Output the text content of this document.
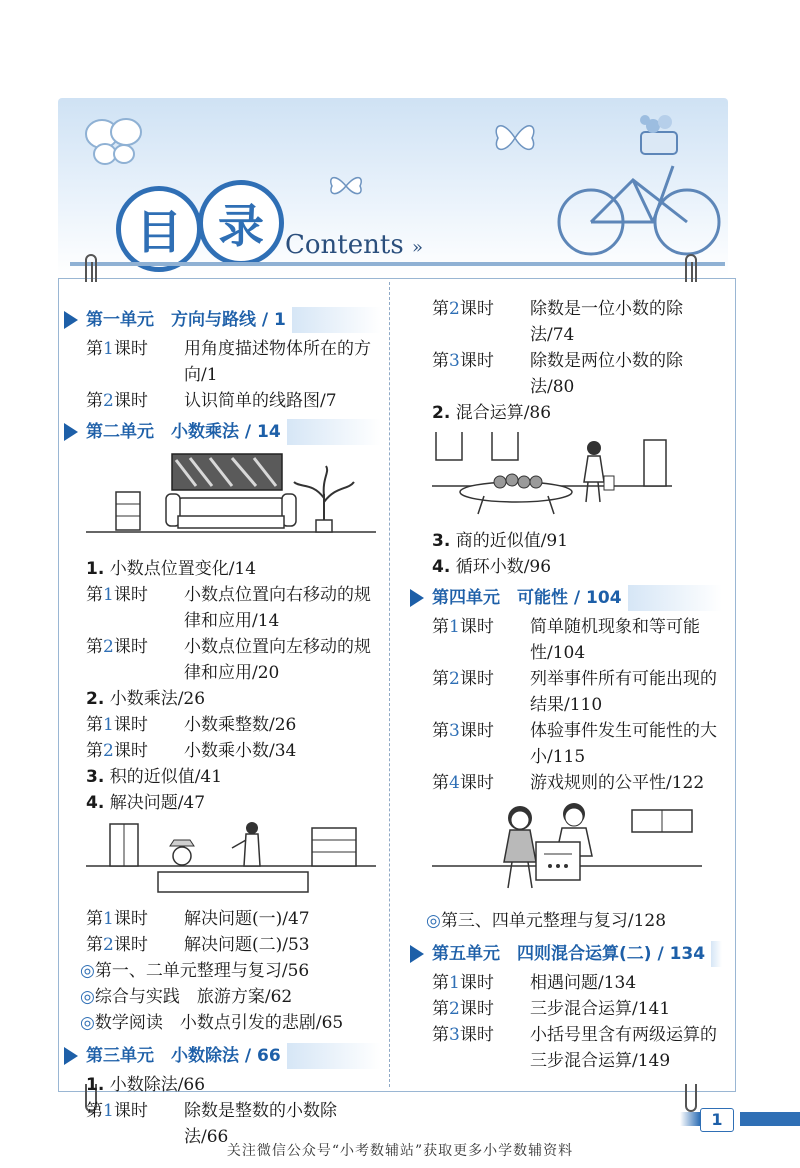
目 录 Contents »
第一单元　方向与路线 / 1
第1课时	用角度描述物体所在的方向/1
第2课时	认识简单的线路图/7
第二单元　小数乘法 / 14
1. 小数点位置变化/14
第1课时	小数点位置向右移动的规律和应用/14
第2课时	小数点位置向左移动的规律和应用/20
2. 小数乘法/26
第1课时	小数乘整数/26
第2课时	小数乘小数/34
3. 积的近似值/41
4. 解决问题/47
第1课时	解决问题(一)/47
第2课时	解决问题(二)/53
◎第一、二单元整理与复习/56
◎综合与实践　旅游方案/62
◎数学阅读　小数点引发的悲剧/65
第三单元　小数除法 / 66
1. 小数除法/66
第1课时	除数是整数的小数除法/66
第2课时	除数是一位小数的除法/74
第3课时	除数是两位小数的除法/80
2. 混合运算/86
3. 商的近似值/91
4. 循环小数/96
第四单元　可能性 / 104
第1课时	简单随机现象和等可能性/104
第2课时	列举事件所有可能出现的结果/110
第3课时	体验事件发生可能性的大小/115
第4课时	游戏规则的公平性/122
◎第三、四单元整理与复习/128
第五单元　四则混合运算(二) / 134
第1课时	相遇问题/134
第2课时	三步混合运算/141
第3课时	小括号里含有两级运算的三步混合运算/149
1
关注微信公众号“小考数辅站”获取更多小学数辅资料
